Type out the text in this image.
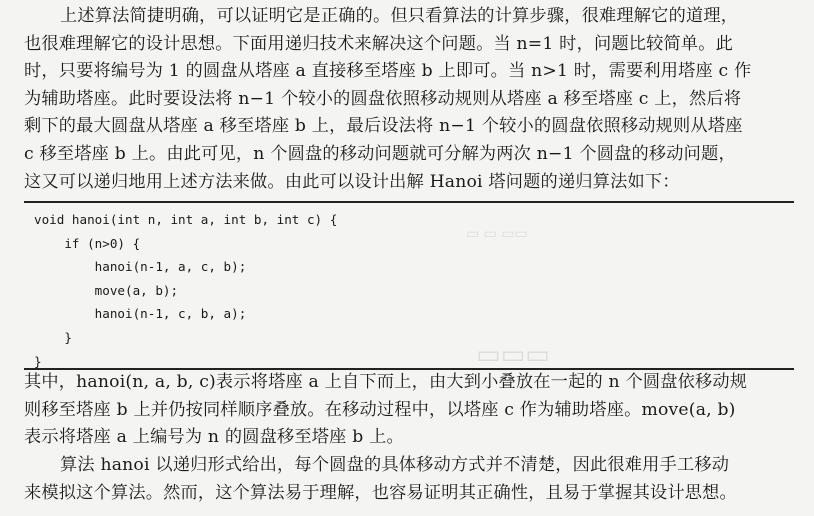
▭ ▭ ▭▭
▭▭▭

上述算法简捷明确，可以证明它是正确的。但只看算法的计算步骤，很难理解它的道理，
也很难理解它的设计思想。下面用递归技术来解决这个问题。当 n=1 时，问题比较简单。此
时，只要将编号为 1 的圆盘从塔座 a 直接移至塔座 b 上即可。当 n>1 时，需要利用塔座 c 作
为辅助塔座。此时要设法将 n−1 个较小的圆盘依照移动规则从塔座 a 移至塔座 c 上，然后将
剩下的最大圆盘从塔座 a 移至塔座 b 上，最后设法将 n−1 个较小的圆盘依照移动规则从塔座
c 移至塔座 b 上。由此可见，n 个圆盘的移动问题就可分解为两次 n−1 个圆盘的移动问题，
这又可以递归地用上述方法来做。由此可以设计出解 Hanoi 塔问题的递归算法如下：

void hanoi(int n, int a, int b, int c) {
if (n>0) {
hanoi(n-1, a, c, b);
move(a, b);
hanoi(n-1, c, b, a);
}
}

其中，hanoi(n, a, b, c)表示将塔座 a 上自下而上，由大到小叠放在一起的 n 个圆盘依移动规
则移至塔座 b 上并仍按同样顺序叠放。在移动过程中，以塔座 c 作为辅助塔座。move(a, b)
表示将塔座 a 上编号为 n 的圆盘移至塔座 b 上。

算法 hanoi 以递归形式给出，每个圆盘的具体移动方式并不清楚，因此很难用手工移动
来模拟这个算法。然而，这个算法易于理解，也容易证明其正确性，且易于掌握其设计思想。
